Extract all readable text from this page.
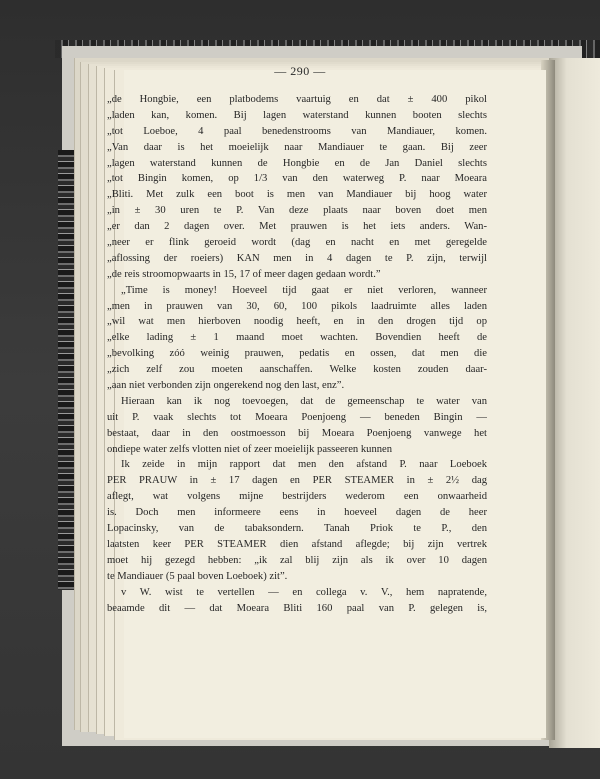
— 290 —
„de Hongbie, een platbodems vaartuig en dat ± 400 pikol
„laden kan, komen. Bij lagen waterstand kunnen booten slechts
„tot Loeboe, 4 paal benedenstrooms van Mandiauer, komen.
„Van daar is het moeielijk naar Mandiauer te gaan. Bij zeer
„lagen waterstand kunnen de Hongbie en de Jan Daniel slechts
„tot Bingin komen, op 1/3 van den waterweg P. naar Moeara
„Bliti. Met zulk een boot is men van Mandiauer bij hoog water
„in ± 30 uren te P. Van deze plaats naar boven doet men
„er dan 2 dagen over. Met prauwen is het iets anders. Wan-
„neer er flink geroeid wordt (dag en nacht en met geregelde
„aflossing der roeiers) KAN men in 4 dagen te P. zijn, terwijl
„de reis stroomopwaarts in 15, 17 of meer dagen gedaan wordt.”
„Time is money! Hoeveel tijd gaat er niet verloren, wanneer
„men in prauwen van 30, 60, 100 pikols laadruimte alles laden
„wil wat men hierboven noodig heeft, en in den drogen tijd op
„elke lading ± 1 maand moet wachten. Bovendien heeft de
„bevolking zóó weinig prauwen, pedatis en ossen, dat men die
„zich zelf zou moeten aanschaffen. Welke kosten zouden daar-
„aan niet verbonden zijn ongerekend nog den last, enz”.
Hieraan kan ik nog toevoegen, dat de gemeenschap te water van
uit P. vaak slechts tot Moeara Poenjoeng — beneden Bingin —
bestaat, daar in den oostmoesson bij Moeara Poenjoeng vanwege het
ondiepe water zelfs vlotten niet of zeer moeielijk passeeren kunnen
Ik zeide in mijn rapport dat men den afstand P. naar Loeboek
PER PRAUW in ± 17 dagen en PER STEAMER in ± 2½ dag
aflegt, wat volgens mijne bestrijders wederom een onwaarheid
is. Doch men informeere eens in hoeveel dagen de heer
Lopacinsky, van de tabaksondern. Tanah Priok te P., den
laatsten keer PER STEAMER dien afstand aflegde; bij zijn vertrek
moet hij gezegd hebben: „ik zal blij zijn als ik over 10 dagen
te Mandiauer (5 paal boven Loeboek) zit”.
v W. wist te vertellen — en collega v. V., hem napratende,
beaamde dit — dat Moeara Bliti 160 paal van P. gelegen is,
